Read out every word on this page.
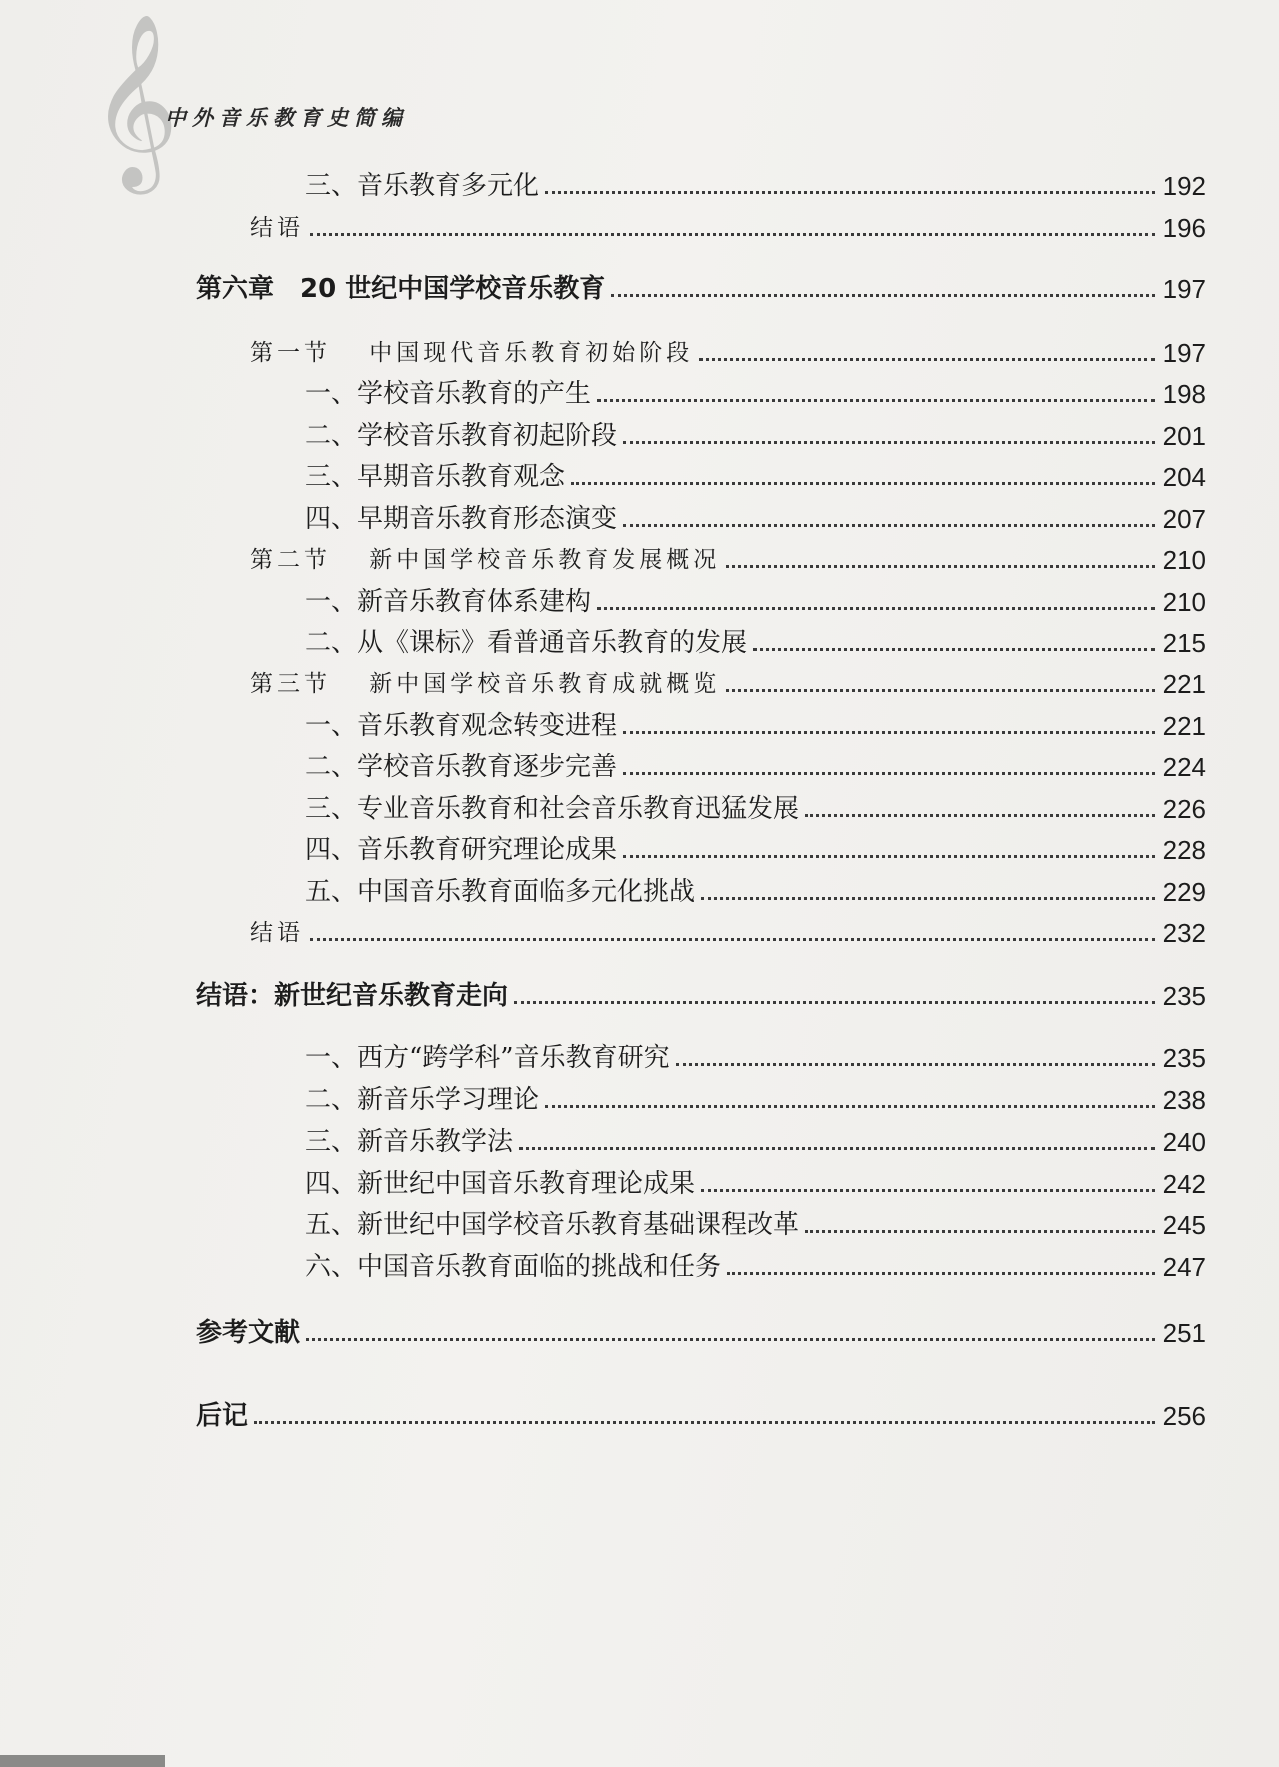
𝄞
中外音乐教育史简编
三、音乐教育多元化	192
结语	196
第六章　20 世纪中国学校音乐教育	197
第一节　 中国现代音乐教育初始阶段	197
一、学校音乐教育的产生	198
二、学校音乐教育初起阶段	201
三、早期音乐教育观念	204
四、早期音乐教育形态演变	207
第二节　 新中国学校音乐教育发展概况	210
一、新音乐教育体系建构	210
二、从《课标》看普通音乐教育的发展	215
第三节　 新中国学校音乐教育成就概览	221
一、音乐教育观念转变进程	221
二、学校音乐教育逐步完善	224
三、专业音乐教育和社会音乐教育迅猛发展	226
四、音乐教育研究理论成果	228
五、中国音乐教育面临多元化挑战	229
结语	232
结语：新世纪音乐教育走向	235
一、西方“跨学科”音乐教育研究	235
二、新音乐学习理论	238
三、新音乐教学法	240
四、新世纪中国音乐教育理论成果	242
五、新世纪中国学校音乐教育基础课程改革	245
六、中国音乐教育面临的挑战和任务	247
参考文献	251
后记	256
